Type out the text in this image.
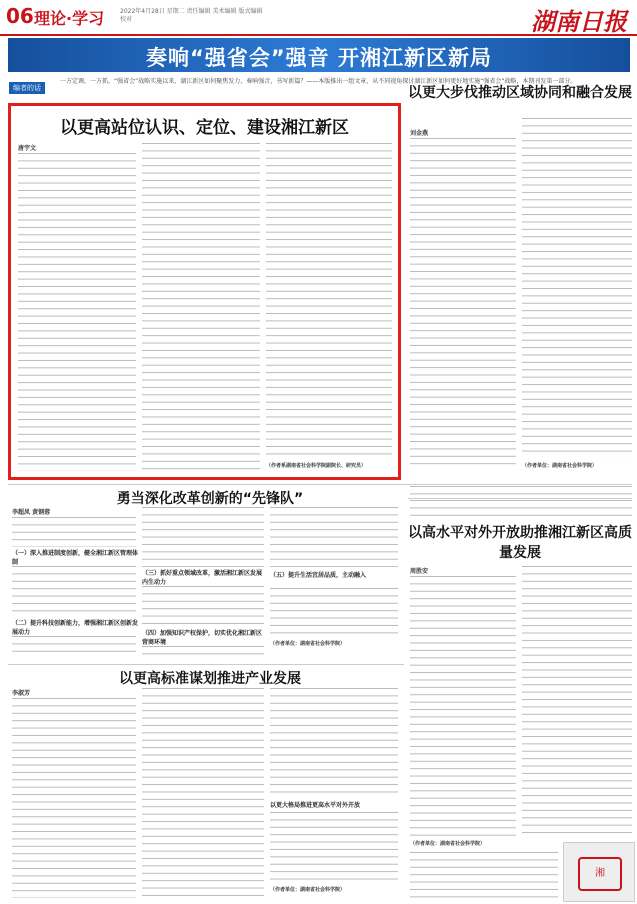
06 理论·学习	2022年4月28日 星期二 责任编辑 美术编辑 版式编辑 校对	湖南日报
奏响“强省会”强音 开湘江新区新局
编者的话
一方定调，一方抓，“强省会”战略实施以来，湖江新区如何聚焦发力，奏响强音，书写新篇？——本版推出一组文章，从不同视角探讨湖江新区如何更好地实施“强省会”战略，本期刊发第一部分。
以更高站位认识、定位、建设湘江新区
唐宇文
（作者系湖南省社会科学院副院长、研究员）
以更大步伐推动区域协同和融合发展
刘金燕
（作者单位：湖南省社会科学院）
勇当深化改革创新的“先锋队”
李超凤 黄钢蓉
（一）深入推进制度创新，健全湘江新区管理体制
（二）提升科技创新能力，增强湘江新区创新发展动力
（三）抓好重点领域改革，激活湘江新区发展内生动力
（四）加强知识产权保护，切实优化湘江新区营商环境
（五）提升生活宜居品质，主动融入
（作者单位：湖南省社会科学院）
以高水平对外开放助推湘江新区高质量发展
周胜安
以更高标准谋划推进产业发展
李淑芳
以更大格局推进更高水平对外开放
（作者单位：湖南省社会科学院）
（作者单位：湖南省社会科学院）
湘
